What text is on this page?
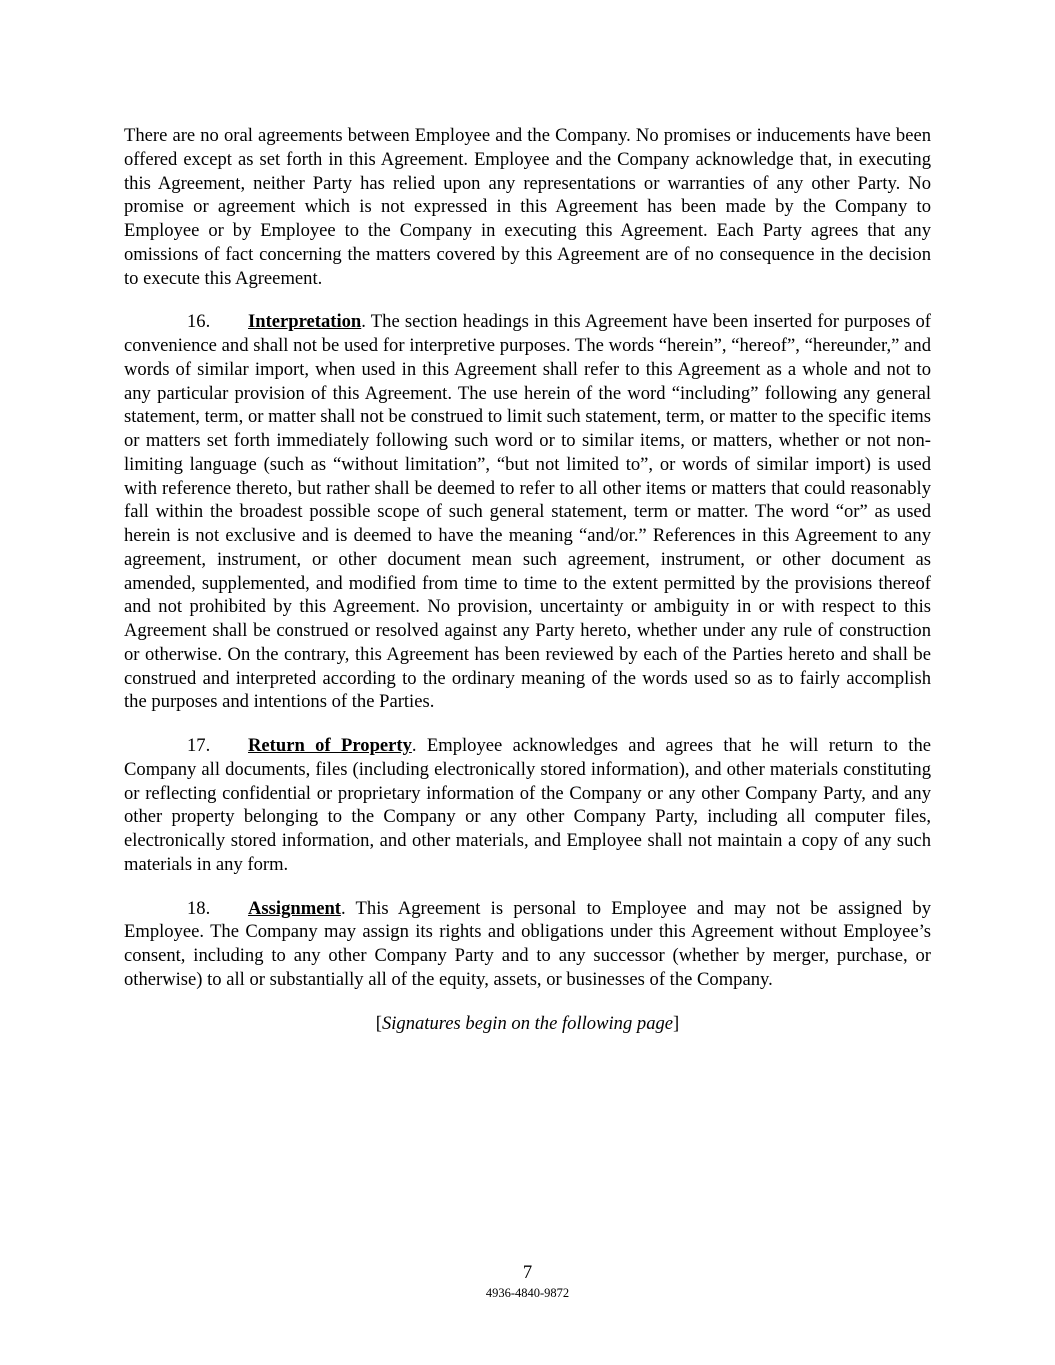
There are no oral agreements between Employee and the Company. No promises or inducements have been offered except as set forth in this Agreement. Employee and the Company acknowledge that, in executing this Agreement, neither Party has relied upon any representations or warranties of any other Party. No promise or agreement which is not expressed in this Agreement has been made by the Company to Employee or by Employee to the Company in executing this Agreement. Each Party agrees that any omissions of fact concerning the matters covered by this Agreement are of no consequence in the decision to execute this Agreement.

16. Interpretation. The section headings in this Agreement have been inserted for purposes of convenience and shall not be used for interpretive purposes. The words “herein”, “hereof”, “hereunder,” and words of similar import, when used in this Agreement shall refer to this Agreement as a whole and not to any particular provision of this Agreement. The use herein of the word “including” following any general statement, term, or matter shall not be construed to limit such statement, term, or matter to the specific items or matters set forth immediately following such word or to similar items, or matters, whether or not non-limiting language (such as “without limitation”, “but not limited to”, or words of similar import) is used with reference thereto, but rather shall be deemed to refer to all other items or matters that could reasonably fall within the broadest possible scope of such general statement, term or matter. The word “or” as used herein is not exclusive and is deemed to have the meaning “and/or.” References in this Agreement to any agreement, instrument, or other document mean such agreement, instrument, or other document as amended, supplemented, and modified from time to time to the extent permitted by the provisions thereof and not prohibited by this Agreement. No provision, uncertainty or ambiguity in or with respect to this Agreement shall be construed or resolved against any Party hereto, whether under any rule of construction or otherwise. On the contrary, this Agreement has been reviewed by each of the Parties hereto and shall be construed and interpreted according to the ordinary meaning of the words used so as to fairly accomplish the purposes and intentions of the Parties.

17. Return of Property. Employee acknowledges and agrees that he will return to the Company all documents, files (including electronically stored information), and other materials constituting or reflecting confidential or proprietary information of the Company or any other Company Party, and any other property belonging to the Company or any other Company Party, including all computer files, electronically stored information, and other materials, and Employee shall not maintain a copy of any such materials in any form.

18. Assignment. This Agreement is personal to Employee and may not be assigned by Employee. The Company may assign its rights and obligations under this Agreement without Employee’s consent, including to any other Company Party and to any successor (whether by merger, purchase, or otherwise) to all or substantially all of the equity, assets, or businesses of the Company.

[Signatures begin on the following page]

7
4936-4840-9872
